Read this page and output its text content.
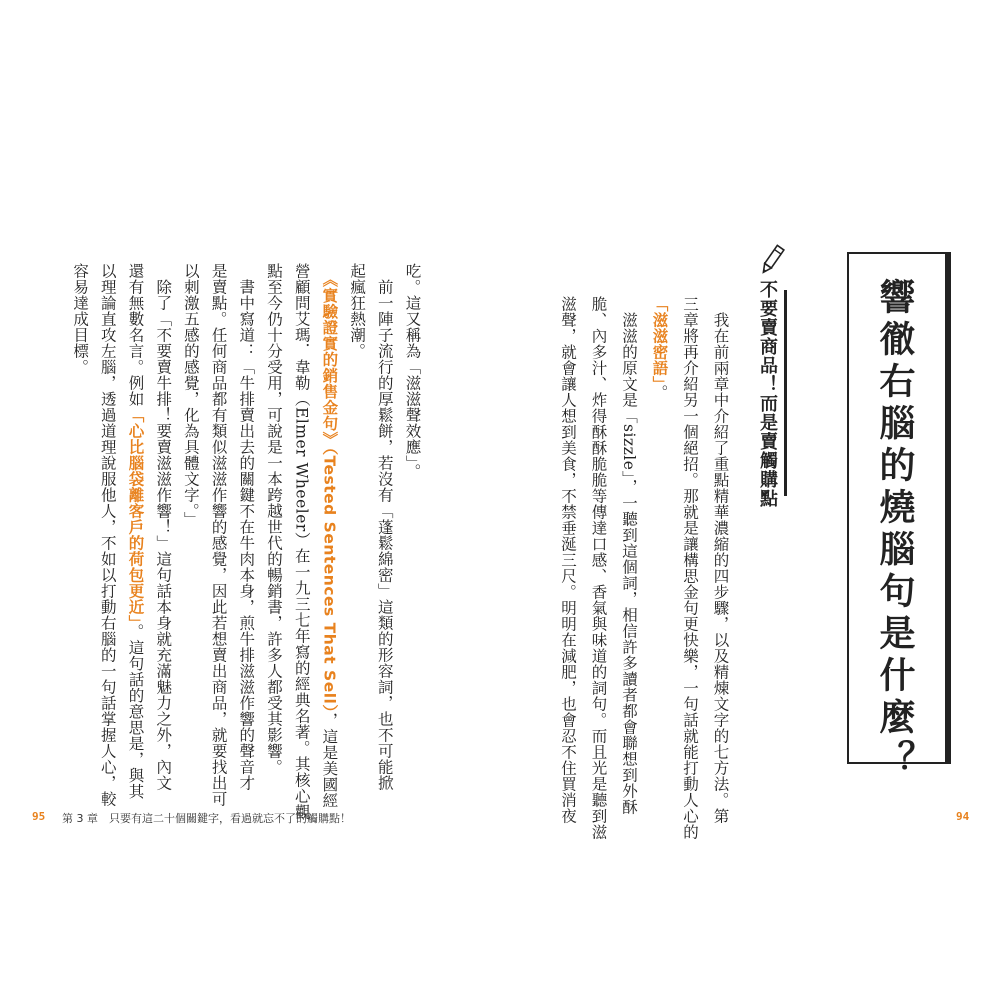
響徹右腦的燒腦句是什麼？
不要賣商品！而是賣觸購點
　我在前兩章中介紹了重點精華濃縮的四步驟，以及精煉文字的七方法。第
三章將再介紹另一個絕招。那就是讓構思金句更快樂，一句話就能打動人心的
「滋滋密語」。
　滋滋的原文是「sizzle」，一聽到這個詞，相信許多讀者都會聯想到外酥
脆、內多汁、炸得酥酥脆脆等傳達口感、香氣與味道的詞句。而且光是聽到滋
滋聲，就會讓人想到美食，不禁垂涎三尺。明明在減肥，也會忍不住買消夜
吃。這又稱為「滋滋聲效應」。
　前一陣子流行的厚鬆餅，若沒有「蓬鬆綿密」這類的形容詞，也不可能掀
起瘋狂熱潮。
　《實驗證實的銷售金句》（Tested Sentences That Sell），這是美國經
營顧問艾瑪．韋勒（Elmer Wheeler）在一九三七年寫的經典名著。其核心觀
點至今仍十分受用，可說是一本跨越世代的暢銷書，許多人都受其影響。
　書中寫道：「牛排賣出去的關鍵不在牛肉本身，煎牛排滋滋作響的聲音才
是賣點。任何商品都有類似滋滋作響的感覺，因此若想賣出商品，就要找出可
以刺激五感的感覺，化為具體文字。」
　除了「不要賣牛排！要賣滋滋作響！」這句話本身就充滿魅力之外，內文
還有無數名言。例如「心比腦袋離客戶的荷包更近」。這句話的意思是，與其
以理論直攻左腦，透過道理說服他人，不如以打動右腦的一句話掌握人心，較
容易達成目標。
95 第 3 章　只要有這二十個關鍵字，看過就忘不了的觸購點！	94
